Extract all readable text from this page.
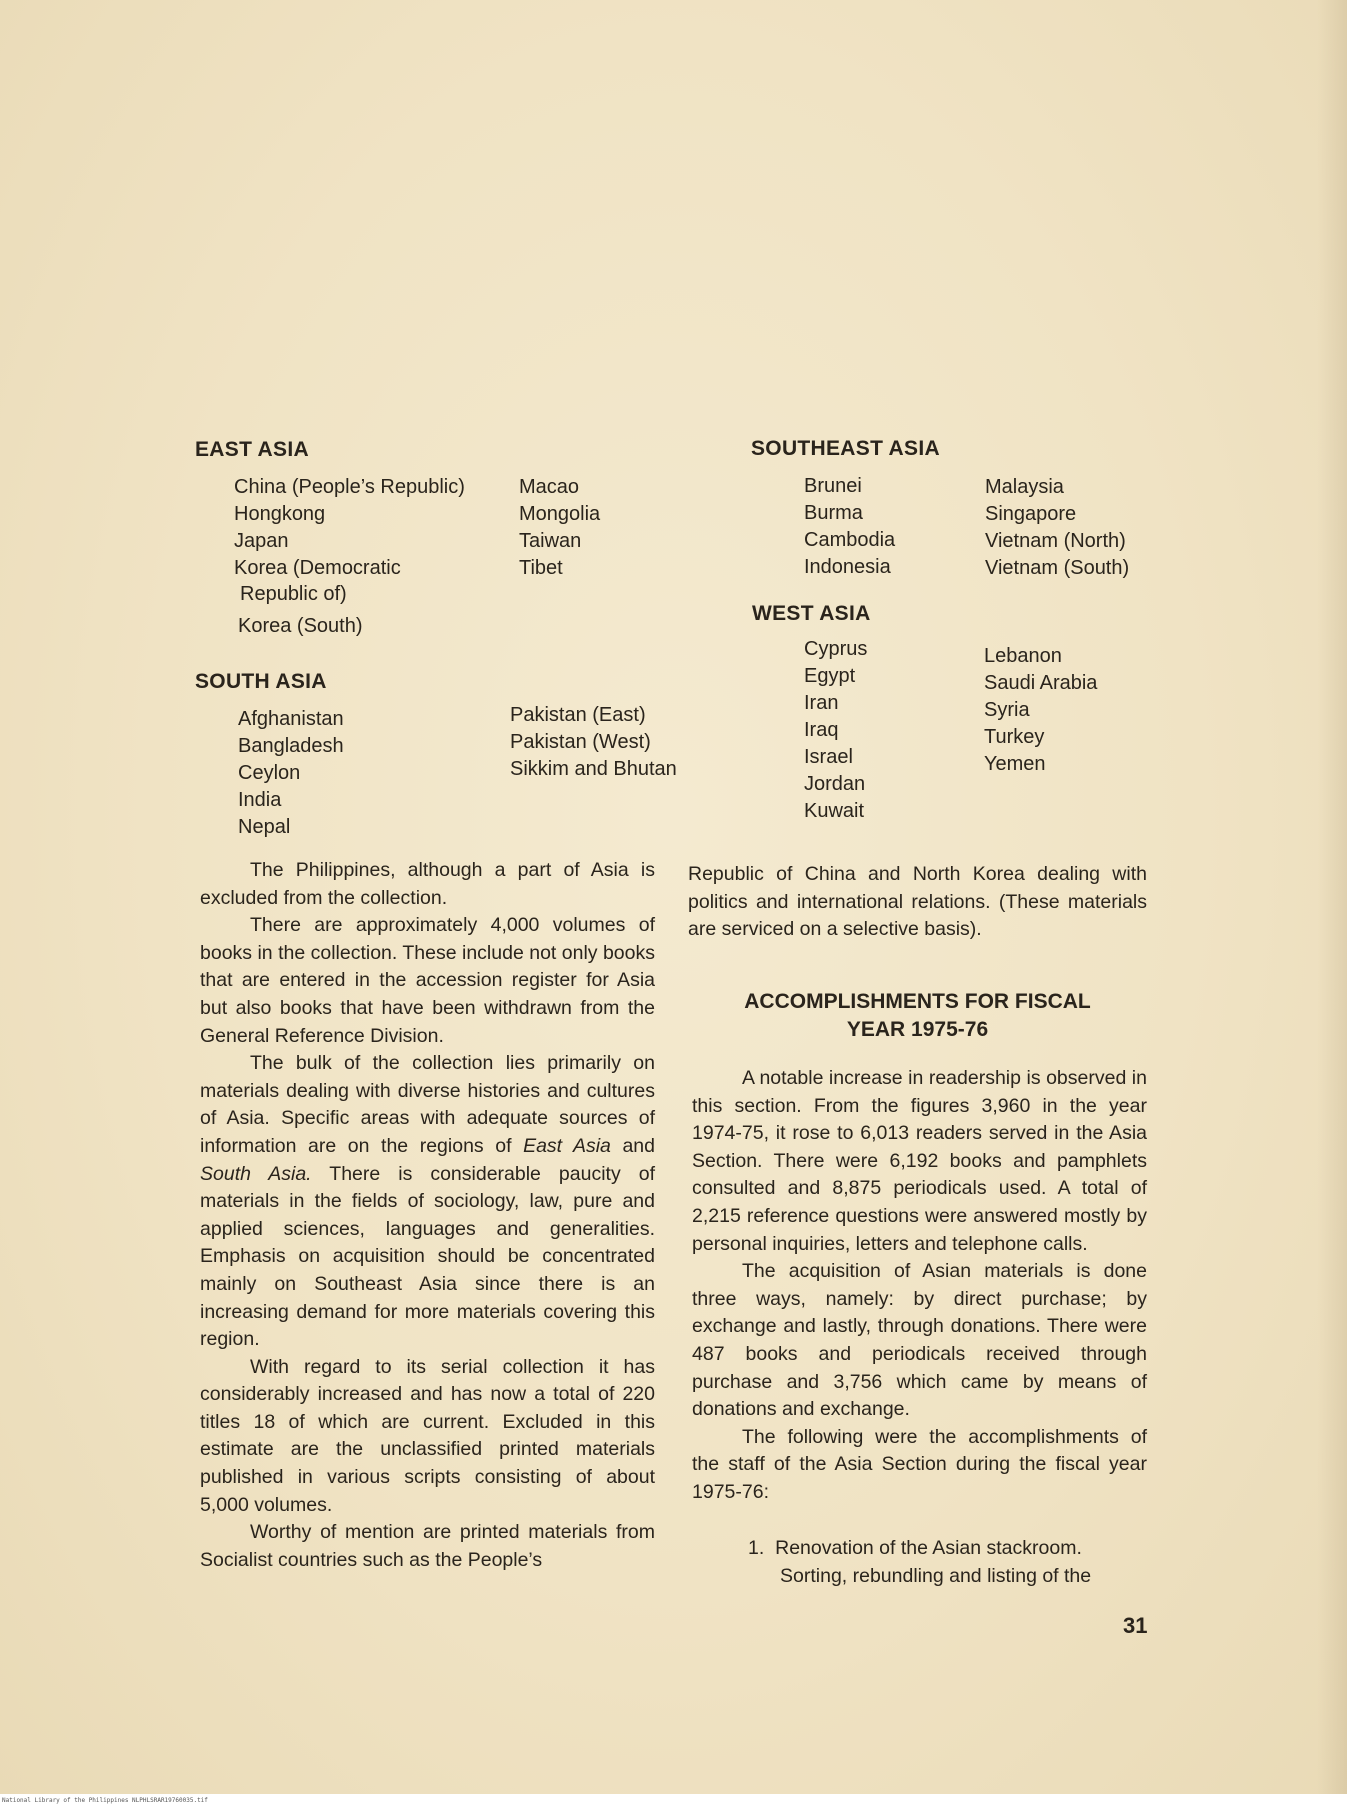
EAST ASIA
China (People’s Republic)
Hongkong
Japan
Korea (Democratic
Republic of)
Korea (South)
Macao
Mongolia
Taiwan
Tibet
SOUTH ASIA
Afghanistan
Bangladesh
Ceylon
India
Nepal
Pakistan (East)
Pakistan (West)
Sikkim and Bhutan
SOUTHEAST ASIA
Brunei
Burma
Cambodia
Indonesia
Malaysia
Singapore
Vietnam (North)
Vietnam (South)
WEST ASIA
Cyprus
Egypt
Iran
Iraq
Israel
Jordan
Kuwait
Lebanon
Saudi Arabia
Syria
Turkey
Yemen

The Philippines, although a part of Asia is excluded from the collection.

There are approximately 4,000 volumes of books in the collection. These include not only books that are entered in the accession register for Asia but also books that have been withdrawn from the General Reference Division.

The bulk of the collection lies primarily on materials dealing with diverse histories and cultures of Asia. Specific areas with adequate sources of information are on the regions of East Asia and South Asia. There is considerable paucity of materials in the fields of sociology, law, pure and applied sciences, languages and generalities. Emphasis on acquisition should be concentrated mainly on Southeast Asia since there is an increasing demand for more materials covering this region.

With regard to its serial collection it has considerably increased and has now a total of 220 titles 18 of which are current. Excluded in this estimate are the unclassified printed materials published in various scripts consisting of about 5,000 volumes.

Worthy of mention are printed materials from Socialist countries such as the People’s

Republic of China and North Korea dealing with politics and international relations. (These materials are serviced on a selective basis).

ACCOMPLISHMENTS FOR FISCAL
YEAR 1975-76

A notable increase in readership is observed in this section. From the figures 3,960 in the year 1974-75, it rose to 6,013 readers served in the Asia Section. There were 6,192 books and pamphlets consulted and 8,875 periodicals used. A total of 2,215 reference questions were answered mostly by personal inquiries, letters and telephone calls.

The acquisition of Asian materials is done three ways, namely: by direct purchase; by exchange and lastly, through donations. There were 487 books and periodicals received through purchase and 3,756 which came by means of donations and exchange.

The following were the accomplishments of the staff of the Asia Section during the fiscal year 1975-76:

1. Renovation of the Asian stackroom.
Sorting, rebundling and listing of the
31
National Library of the Philippines NLPHLSRAR19760035.tif
